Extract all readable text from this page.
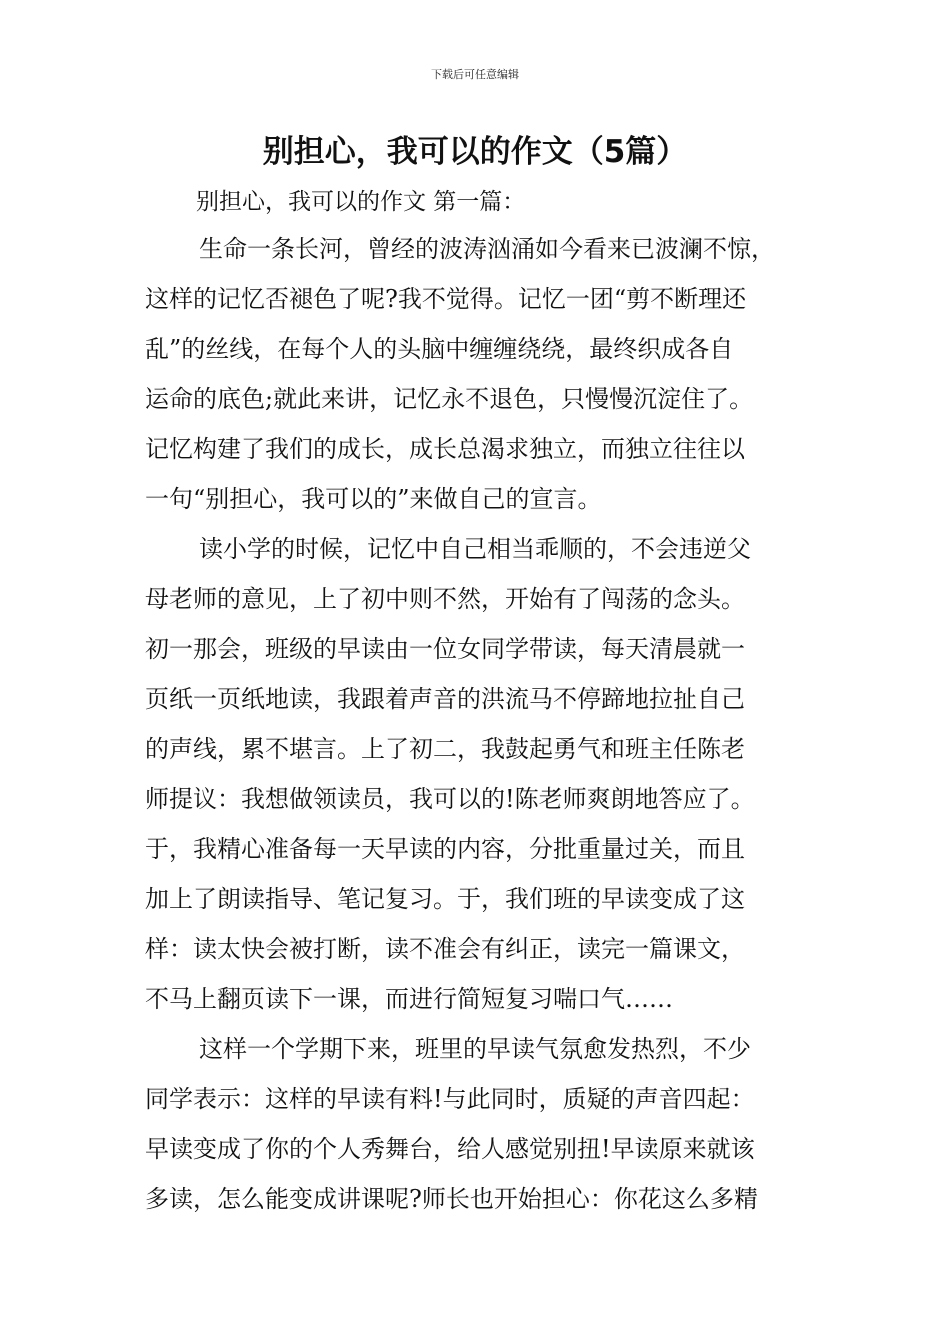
下载后可任意编辑
别担心，我可以的作文（5篇）
别担心，我可以的作文 第一篇：
生命一条长河，曾经的波涛汹涌如今看来已波澜不惊，
这样的记忆否褪色了呢?我不觉得。记忆一团“剪不断理还
乱”的丝线，在每个人的头脑中缠缠绕绕，最终织成各自
运命的底色;就此来讲，记忆永不退色，只慢慢沉淀住了。
记忆构建了我们的成长，成长总渴求独立，而独立往往以
一句“别担心，我可以的”来做自己的宣言。
读小学的时候，记忆中自己相当乖顺的，不会违逆父
母老师的意见，上了初中则不然，开始有了闯荡的念头。
初一那会，班级的早读由一位女同学带读，每天清晨就一
页纸一页纸地读，我跟着声音的洪流马不停蹄地拉扯自己
的声线，累不堪言。上了初二，我鼓起勇气和班主任陈老
师提议：我想做领读员，我可以的!陈老师爽朗地答应了。
于，我精心准备每一天早读的内容，分批重量过关，而且
加上了朗读指导、笔记复习。于，我们班的早读变成了这
样：读太快会被打断，读不准会有纠正，读完一篇课文，
不马上翻页读下一课，而进行简短复习喘口气……
这样一个学期下来，班里的早读气氛愈发热烈，不少
同学表示：这样的早读有料!与此同时，质疑的声音四起：
早读变成了你的个人秀舞台，给人感觉别扭!早读原来就该
多读，怎么能变成讲课呢?师长也开始担心：你花这么多精
